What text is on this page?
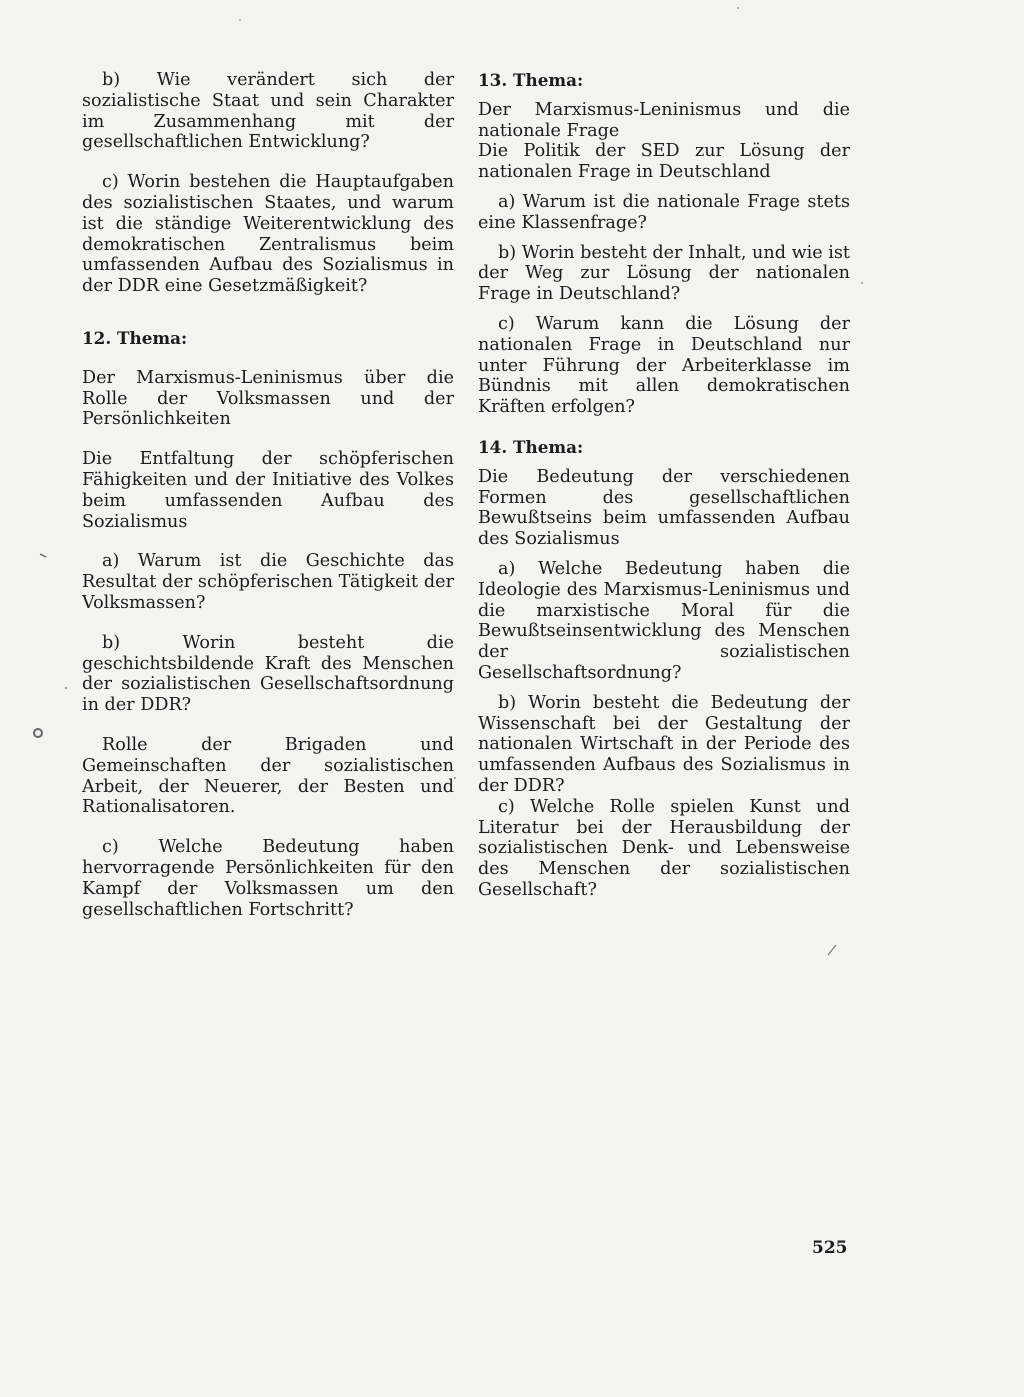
b) Wie verändert sich der sozialistische Staat und sein Charakter im Zusammenhang mit der gesellschaftlichen Entwicklung?

c) Worin bestehen die Hauptaufgaben des sozialistischen Staates, und warum ist die ständige Weiterentwicklung des demokratischen Zentralismus beim umfassenden Aufbau des Sozialismus in der DDR eine Gesetzmäßigkeit?

12. Thema:

Der Marxismus-Leninismus über die Rolle der Volksmassen und der Persönlichkeiten

Die Entfaltung der schöpferischen Fähigkeiten und der Initiative des Volkes beim umfassenden Aufbau des Sozialismus

a) Warum ist die Geschichte das Resultat der schöpferischen Tätigkeit der Volksmassen?

b) Worin besteht die geschichtsbildende Kraft des Menschen der sozialistischen Gesellschaftsordnung in der DDR?

Rolle der Brigaden und Gemeinschaften der sozialistischen Arbeit, der Neuerer, der Besten und Rationalisatoren.

c) Welche Bedeutung haben hervorragende Persönlichkeiten für den Kampf der Volksmassen um den gesellschaftlichen Fortschritt?

13. Thema:

Der Marxismus-Leninismus und die nationale Frage

Die Politik der SED zur Lösung der nationalen Frage in Deutschland

a) Warum ist die nationale Frage stets eine Klassenfrage?

b) Worin besteht der Inhalt, und wie ist der Weg zur Lösung der nationalen Frage in Deutschland?

c) Warum kann die Lösung der nationalen Frage in Deutschland nur unter Führung der Arbeiterklasse im Bündnis mit allen demokratischen Kräften erfolgen?

14. Thema:

Die Bedeutung der verschiedenen Formen des gesellschaftlichen Bewußtseins beim umfassenden Aufbau des Sozialismus

a) Welche Bedeutung haben die Ideologie des Marxismus-Leninismus und die marxistische Moral für die Bewußtseinsentwicklung des Menschen der sozialistischen Gesellschaftsordnung?

b) Worin besteht die Bedeutung der Wissenschaft bei der Gestaltung der nationalen Wirtschaft in der Periode des umfassenden Aufbaus des Sozialismus in der DDR?

c) Welche Rolle spielen Kunst und Literatur bei der Herausbildung der sozialistischen Denk- und Lebensweise des Menschen der sozialistischen Gesellschaft?

525
